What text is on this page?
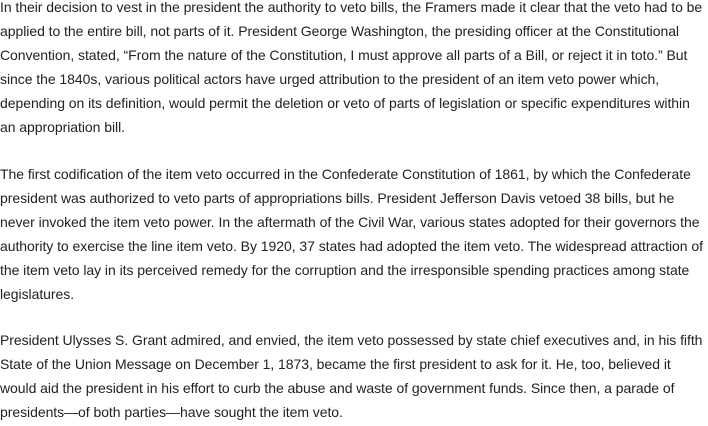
In their decision to vest in the president the authority to veto bills, the Framers made it clear that the veto had to be
applied to the entire bill, not parts of it. President George Washington, the presiding officer at the Constitutional
Convention, stated, “From the nature of the Constitution, I must approve all parts of a Bill, or reject it in toto.” But
since the 1840s, various political actors have urged attribution to the president of an item veto power which,
depending on its definition, would permit the deletion or veto of parts of legislation or specific expenditures within
an appropriation bill.

The first codification of the item veto occurred in the Confederate Constitution of 1861, by which the Confederate
president was authorized to veto parts of appropriations bills. President Jefferson Davis vetoed 38 bills, but he
never invoked the item veto power. In the aftermath of the Civil War, various states adopted for their governors the
authority to exercise the line item veto. By 1920, 37 states had adopted the item veto. The widespread attraction of
the item veto lay in its perceived remedy for the corruption and the irresponsible spending practices among state
legislatures.

President Ulysses S. Grant admired, and envied, the item veto possessed by state chief executives and, in his fifth
State of the Union Message on December 1, 1873, became the first president to ask for it. He, too, believed it
would aid the president in his effort to curb the abuse and waste of government funds. Since then, a parade of
presidents—of both parties—have sought the item veto.
